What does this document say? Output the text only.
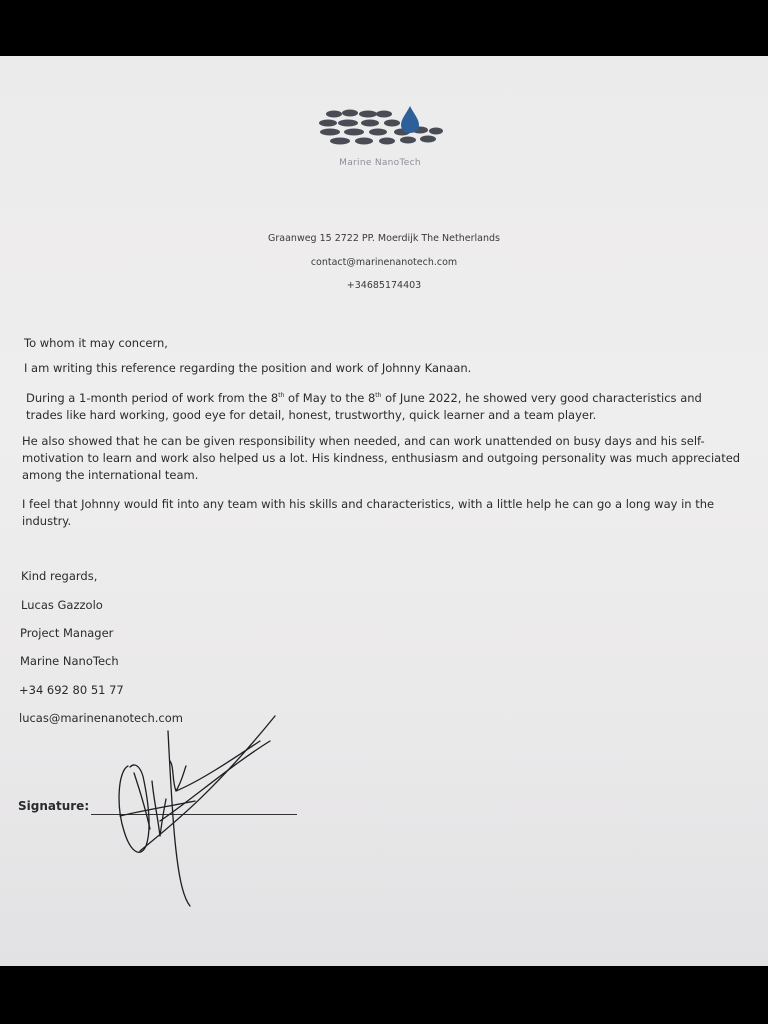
Marine NanoTech
Graanweg 15 2722 PP. Moerdijk The Netherlands
contact@marinenanotech.com
+34685174403
To whom it may concern,
I am writing this reference regarding the position and work of Johnny Kanaan.
During a 1-month period of work from the 8th of May to the 8th of June 2022, he showed very good characteristics and trades like hard working, good eye for detail, honest, trustworthy, quick learner and a team player.
He also showed that he can be given responsibility when needed, and can work unattended on busy days and his self-motivation to learn and work also helped us a lot. His kindness, enthusiasm and outgoing personality was much appreciated among the international team.
I feel that Johnny would fit into any team with his skills and characteristics, with a little help he can go a long way in the industry.
Kind regards,
Lucas Gazzolo
Project Manager
Marine NanoTech
+34 692 80 51 77
lucas@marinenanotech.com
Signature:
